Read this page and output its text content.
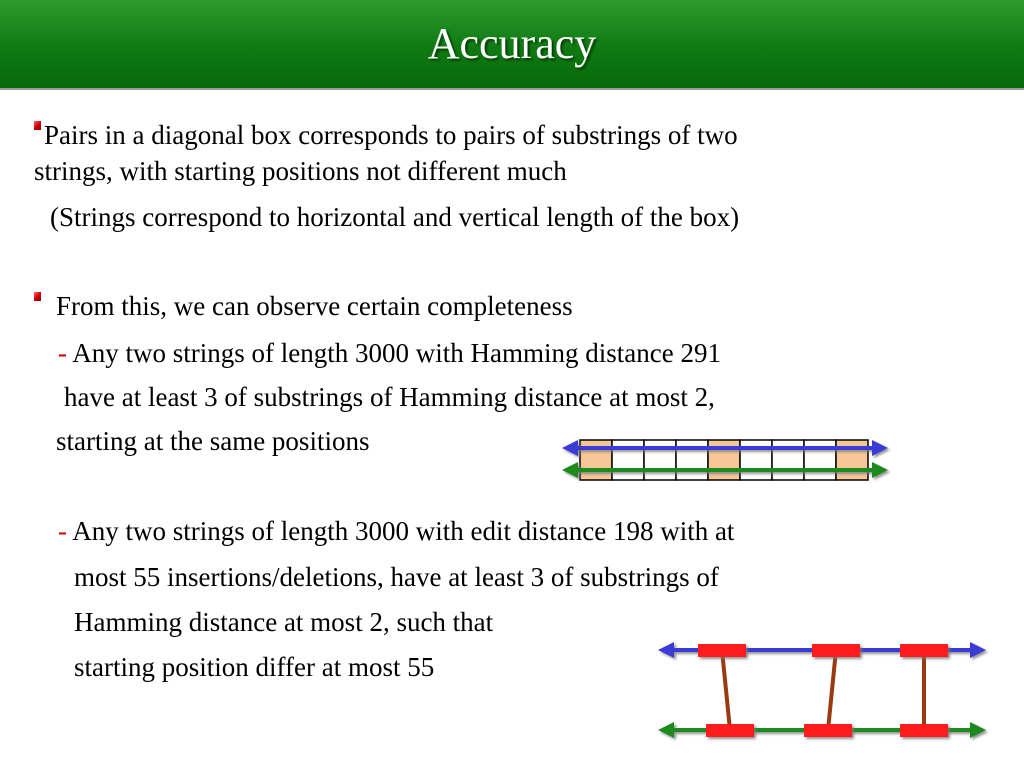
Accuracy
Pairs in a diagonal box corresponds to pairs of substrings of two
strings, with starting positions not different much
(Strings correspond to horizontal and vertical length of the box)
From this, we can observe certain completeness
- Any two strings of length 3000 with Hamming distance 291
have at least 3 of substrings of Hamming distance at most 2,
starting at the same positions
- Any two strings of length 3000 with edit distance 198 with at
most 55 insertions/deletions, have at least 3 of substrings of
Hamming distance at most 2, such that
starting position differ at most 55
